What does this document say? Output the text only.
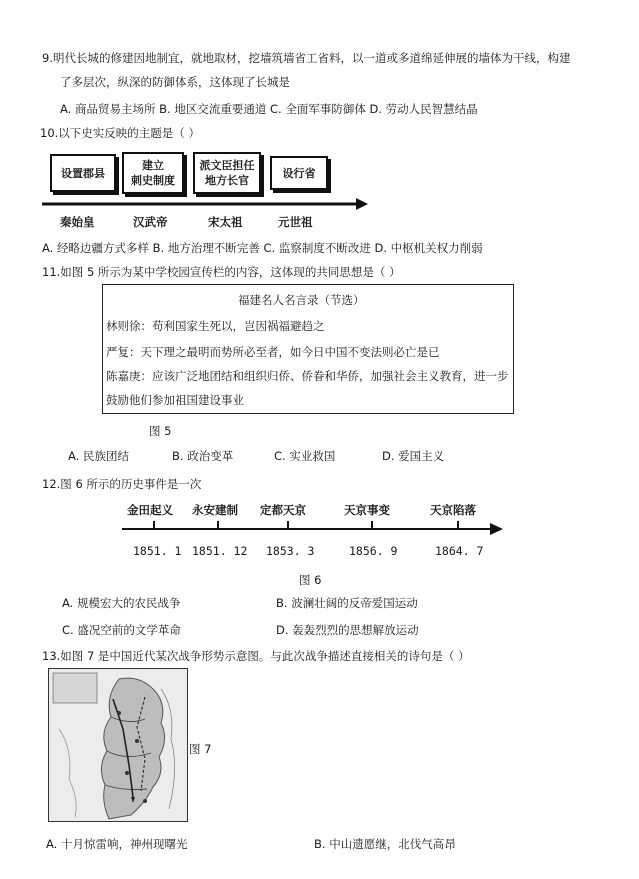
9.明代长城的修建因地制宜，就地取材，挖墙筑墙省工省料，以一道或多道绵延伸展的墙体为干线，构建
了多层次，纵深的防御体系，这体现了长城是
A. 商品贸易主场所 B. 地区交流重要通道 C. 全面军事防御体 D. 劳动人民智慧结晶
10.以下史实反映的主题是（ ）
设置郡县
建立
刺史制度
派文臣担任
地方长官
设行省
秦始皇	汉武帝	宋太祖	元世祖
A. 经略边疆方式多样 B. 地方治理不断完善 C. 监察制度不断改进 D. 中枢机关权力削弱
11.如图 5 所示为某中学校园宣传栏的内容，这体现的共同思想是（ ）
福建名人名言录（节选）
林则徐：苟利国家生死以，岂因祸福避趋之
严复：天下理之最明而势所必至者，如今日中国不变法则必亡是已
陈嘉庚：应该广泛地团结和组织归侨、侨眷和华侨，加强社会主义教育，进一步
鼓励他们参加祖国建设事业
图 5
A. 民族团结	B. 政治变革	C. 实业救国	D. 爱国主义
12.图 6 所示的历史事件是一次
金田起义 永安建制 定都天京	天京事变	天京陷落
1851. 1 1851. 12 1853. 3	1856. 9	1864. 7
图 6
A. 规模宏大的农民战争	B. 波澜壮阔的反帝爱国运动
C. 盛况空前的文学革命	D. 轰轰烈烈的思想解放运动
13.如图 7 是中国近代某次战争形势示意图。与此次战争描述直接相关的诗句是（ ）
图 7
A. 十月惊雷响，神州现曙光	B. 中山遗愿继，北伐气高昂
